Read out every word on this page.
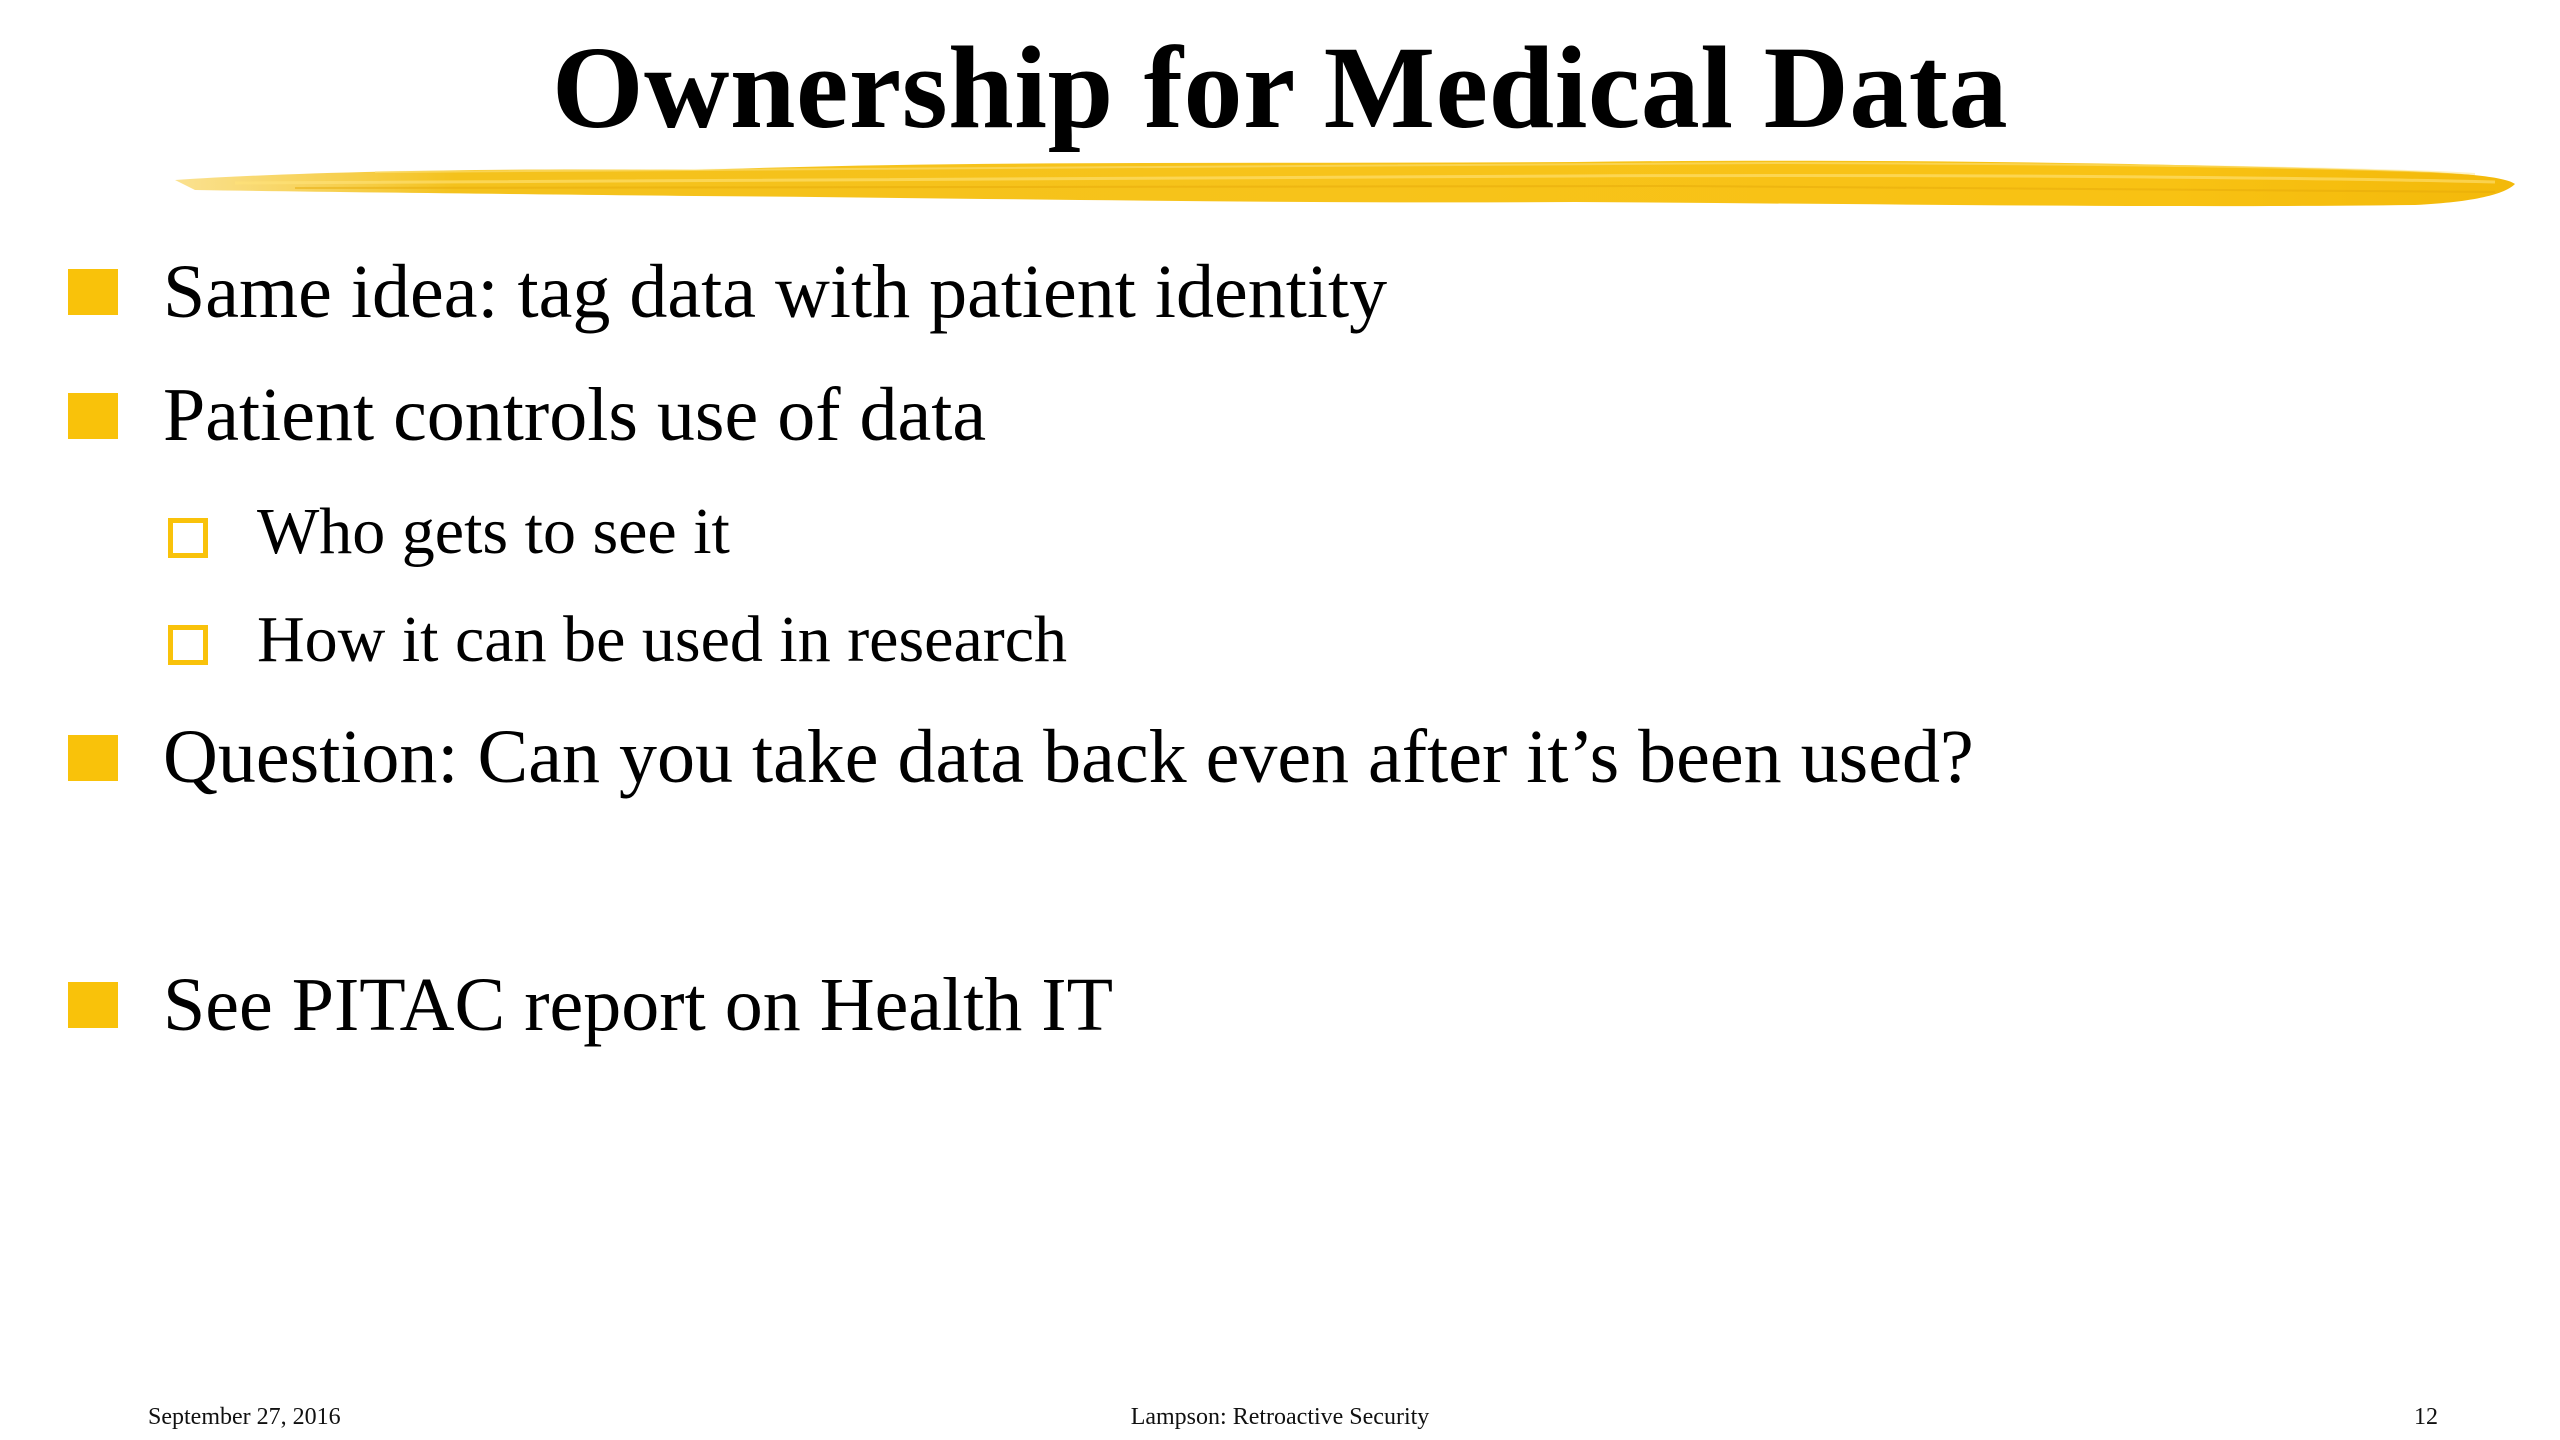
Ownership for Medical Data
Same idea: tag data with patient identity
Patient controls use of data
Who gets to see it
How it can be used in research
Question: Can you take data back even after it’s been used?
See PITAC report on Health IT
September 27, 2016	Lampson: Retroactive Security	12
